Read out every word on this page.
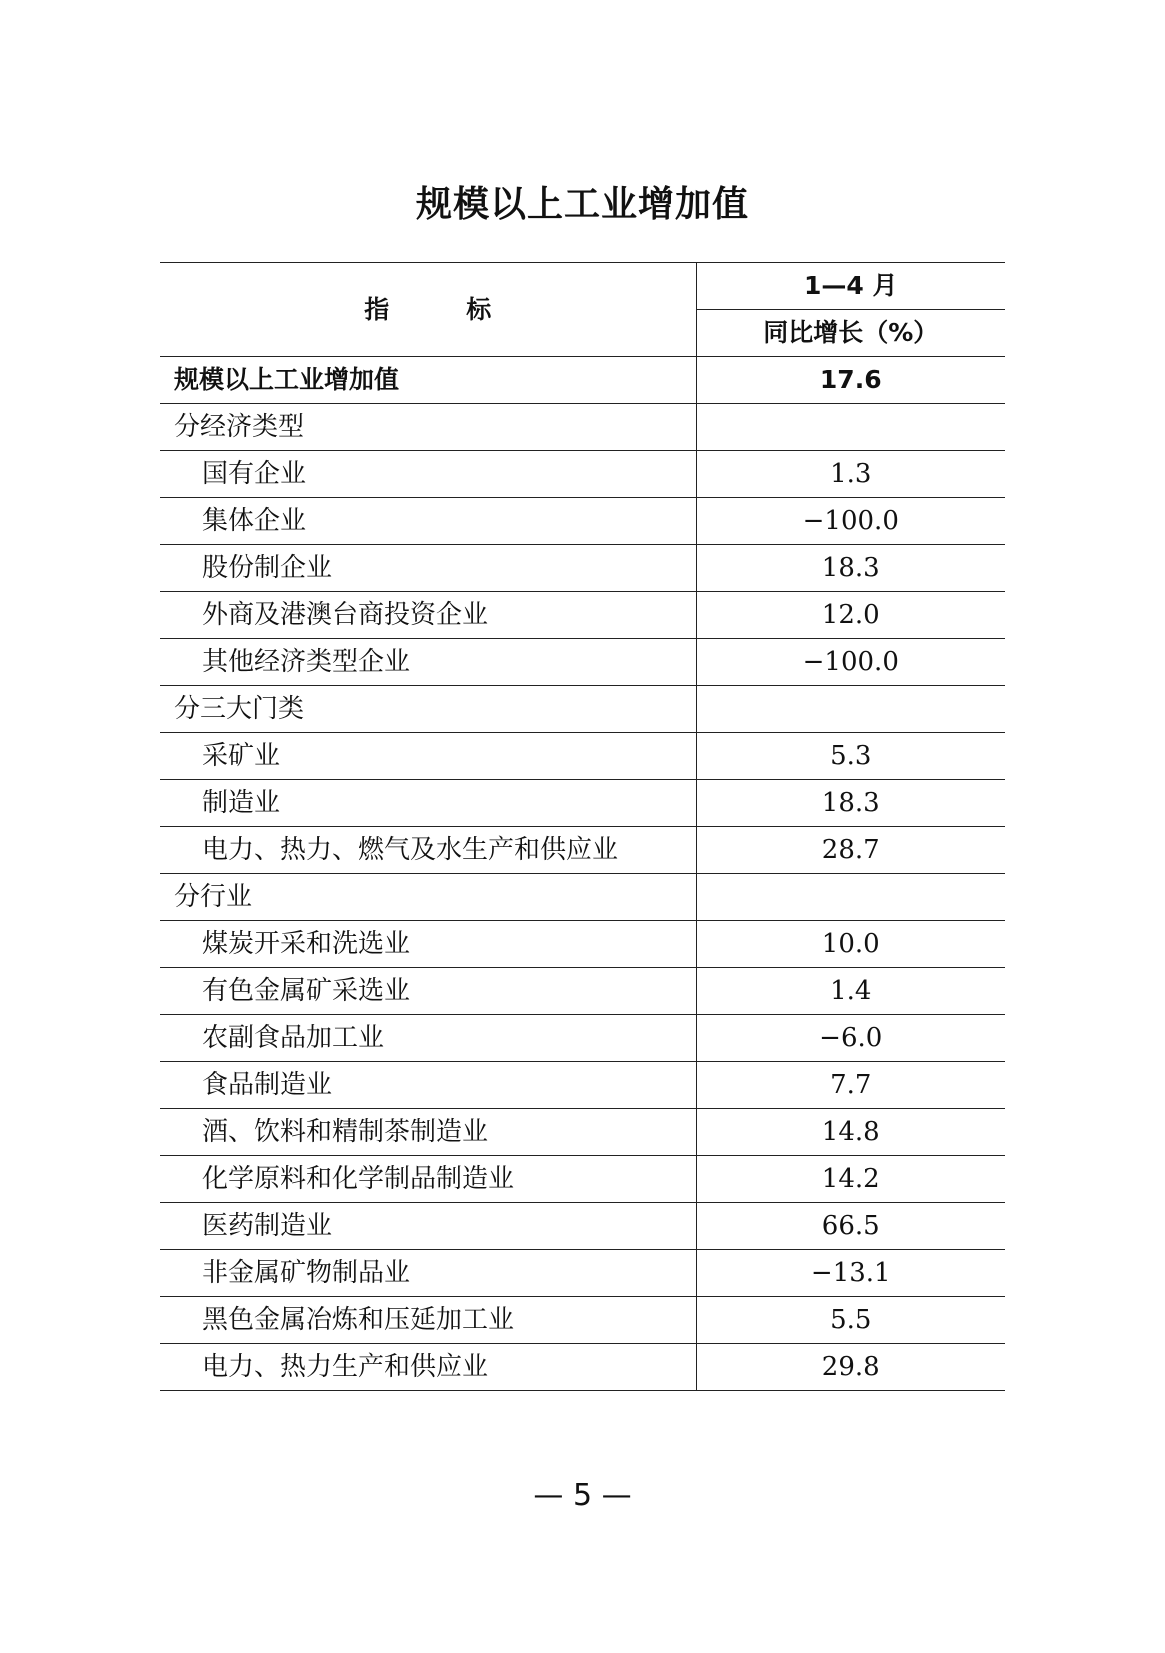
规模以上工业增加值
指　标	1—4 月
	同比增长（%）
规模以上工业增加值	17.6
分经济类型	
国有企业	1.3
集体企业	−100.0
股份制企业	18.3
外商及港澳台商投资企业	12.0
其他经济类型企业	−100.0
分三大门类	
采矿业	5.3
制造业	18.3
电力、热力、燃气及水生产和供应业	28.7
分行业	
煤炭开采和洗选业	10.0
有色金属矿采选业	1.4
农副食品加工业	−6.0
食品制造业	7.7
酒、饮料和精制茶制造业	14.8
化学原料和化学制品制造业	14.2
医药制造业	66.5
非金属矿物制品业	−13.1
黑色金属冶炼和压延加工业	5.5
电力、热力生产和供应业	29.8
— 5 —
